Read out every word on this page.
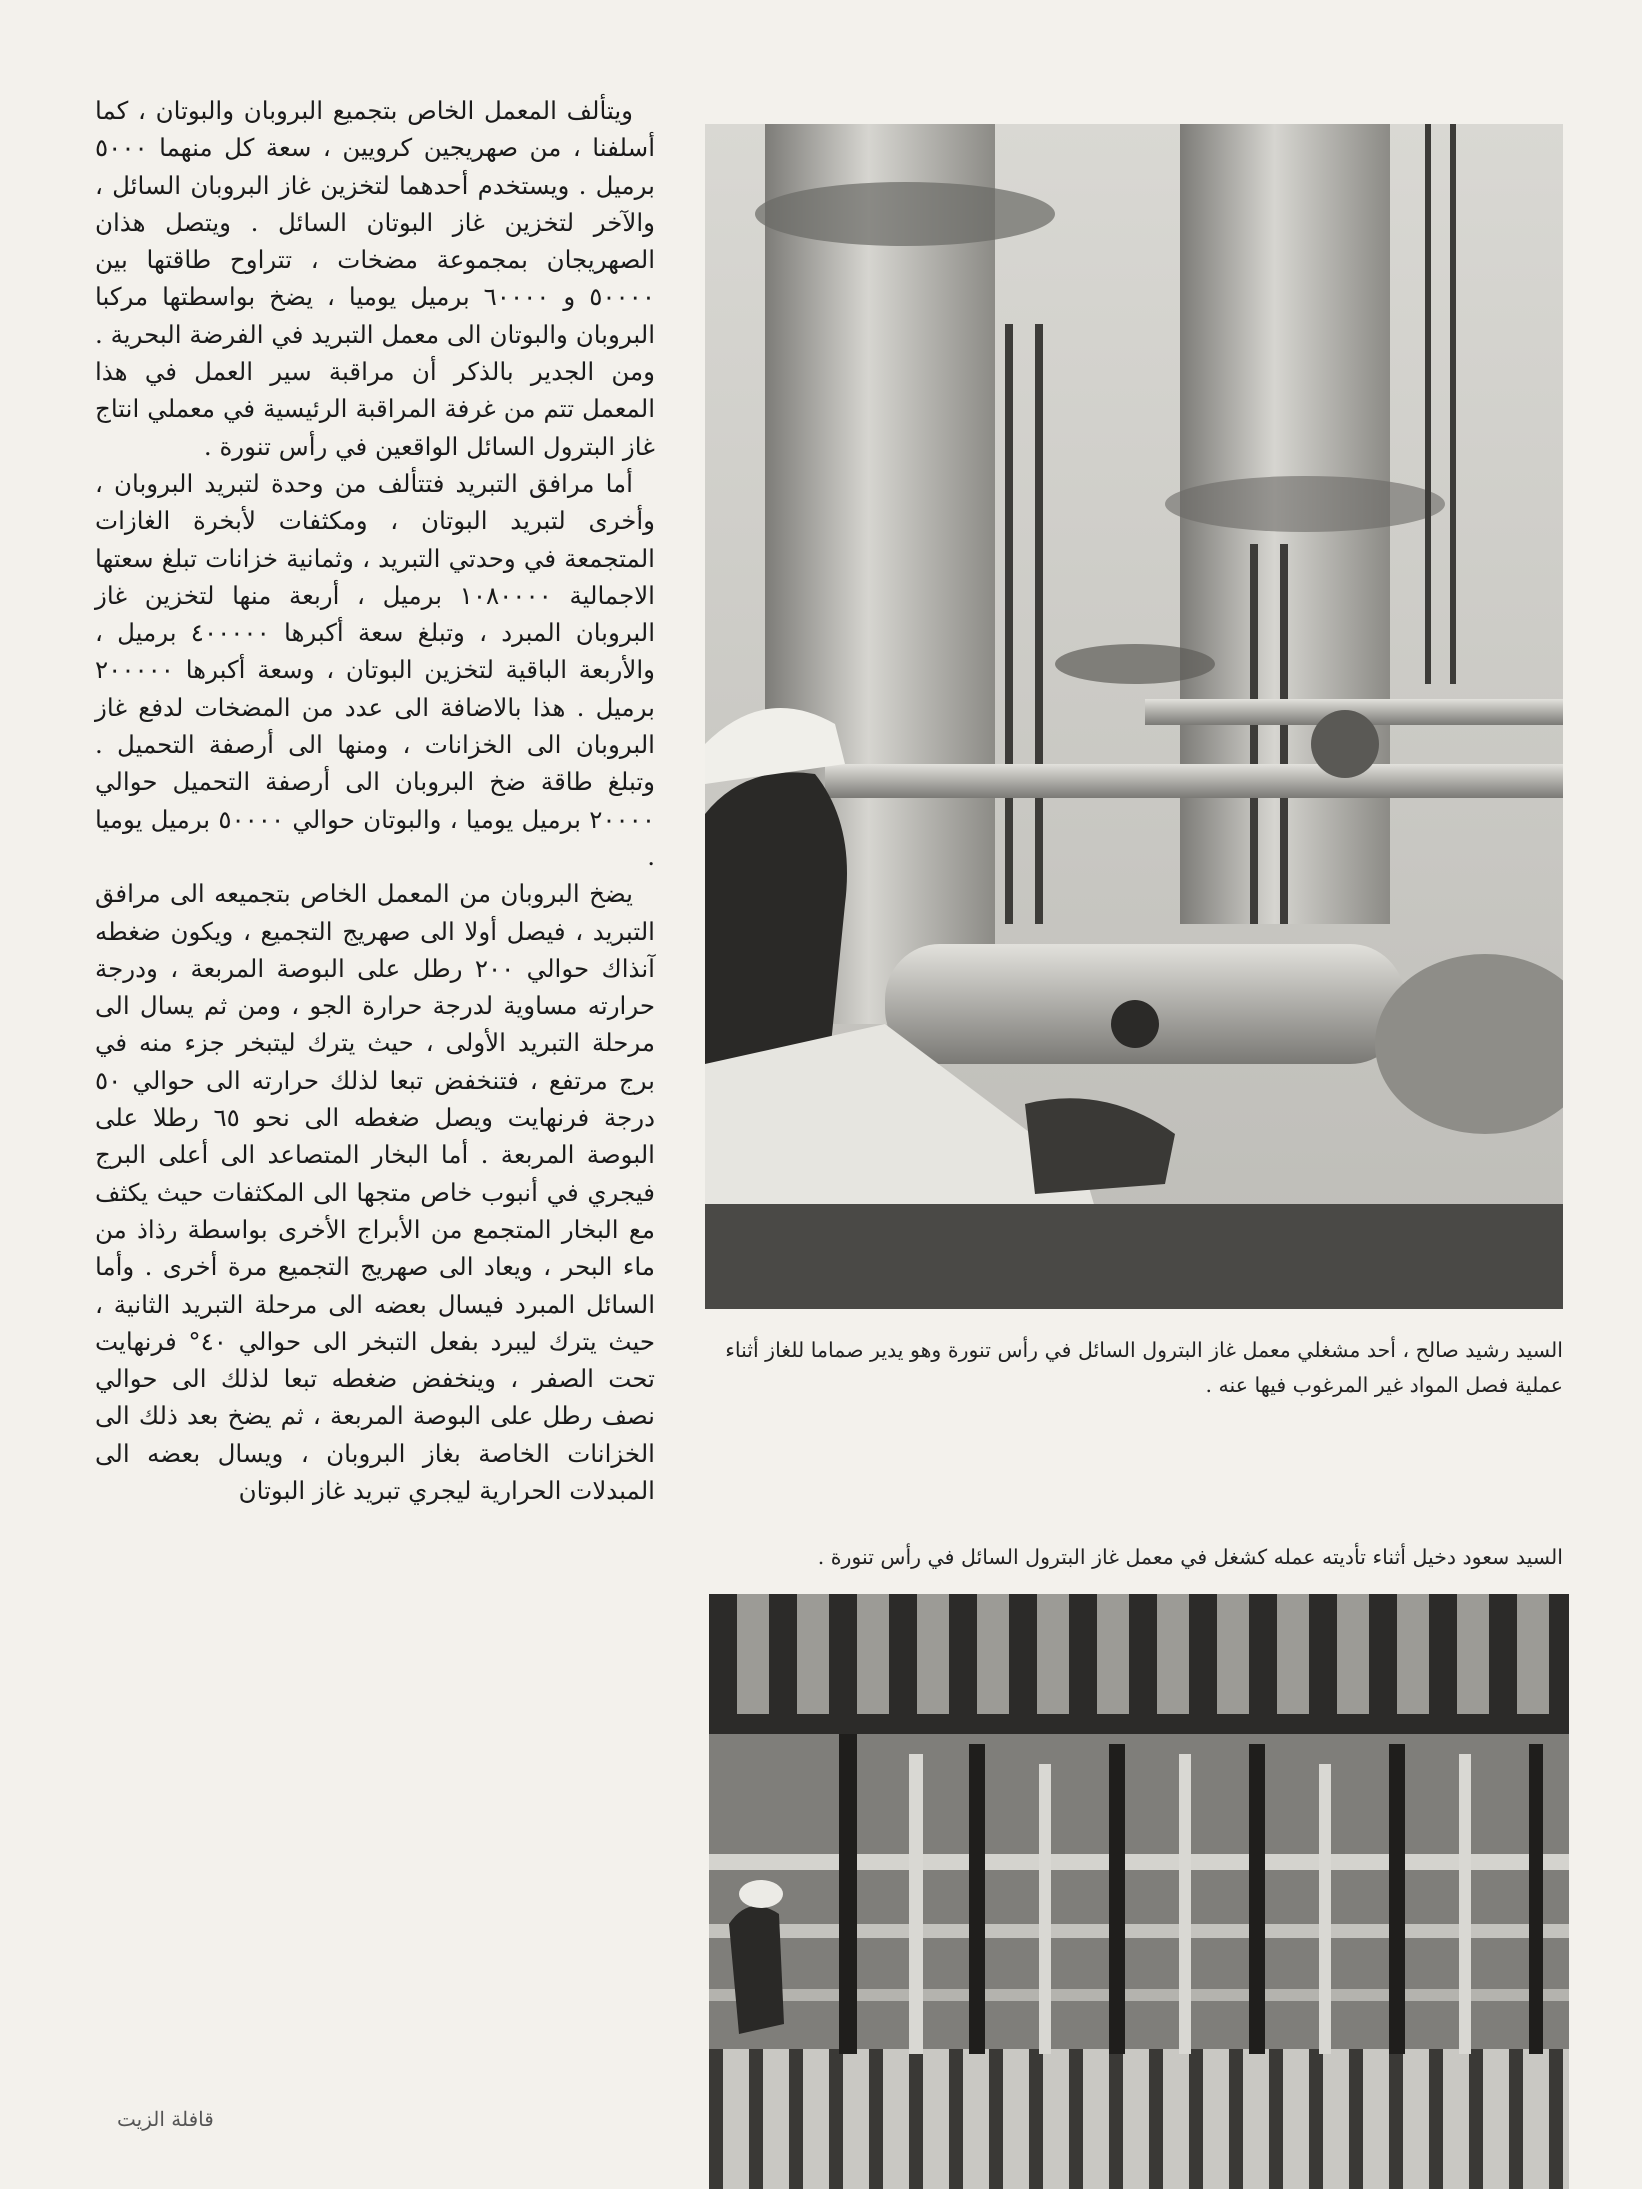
ويتألف المعمل الخاص بتجميع البروبان والبوتان ، كما أسلفنا ، من صهريجين كرويين ، سعة كل منهما ٥٠٠٠ برميل . ويستخدم أحدهما لتخزين غاز البروبان السائل ، والآخر لتخزين غاز البوتان السائل . ويتصل هذان الصهريجان بمجموعة مضخات ، تتراوح طاقتها بين ٥٠٠٠٠ و ٦٠٠٠٠ برميل يوميا ، يضخ بواسطتها مركبا البروبان والبوتان الى معمل التبريد في الفرضة البحرية . ومن الجدير بالذكر أن مراقبة سير العمل في هذا المعمل تتم من غرفة المراقبة الرئيسية في معملي انتاج غاز البترول السائل الواقعين في رأس تنورة .

أما مرافق التبريد فتتألف من وحدة لتبريد البروبان ، وأخرى لتبريد البوتان ، ومكثفات لأبخرة الغازات المتجمعة في وحدتي التبريد ، وثمانية خزانات تبلغ سعتها الاجمالية ١٠٨٠٠٠٠ برميل ، أربعة منها لتخزين غاز البروبان المبرد ، وتبلغ سعة أكبرها ٤٠٠٠٠٠ برميل ، والأربعة الباقية لتخزين البوتان ، وسعة أكبرها ٢٠٠٠٠٠ برميل . هذا بالاضافة الى عدد من المضخات لدفع غاز البروبان الى الخزانات ، ومنها الى أرصفة التحميل . وتبلغ طاقة ضخ البروبان الى أرصفة التحميل حوالي ٢٠٠٠٠ برميل يوميا ، والبوتان حوالي ٥٠٠٠٠ برميل يوميا .

يضخ البروبان من المعمل الخاص بتجميعه الى مرافق التبريد ، فيصل أولا الى صهريج التجميع ، ويكون ضغطه آنذاك حوالي ٢٠٠ رطل على البوصة المربعة ، ودرجة حرارته مساوية لدرجة حرارة الجو ، ومن ثم يسال الى مرحلة التبريد الأولى ، حيث يترك ليتبخر جزء منه في برج مرتفع ، فتنخفض تبعا لذلك حرارته الى حوالي ٥٠ درجة فرنهايت ويصل ضغطه الى نحو ٦٥ رطلا على البوصة المربعة . أما البخار المتصاعد الى أعلى البرج فيجري في أنبوب خاص متجها الى المكثفات حيث يكثف مع البخار المتجمع من الأبراج الأخرى بواسطة رذاذ من ماء البحر ، ويعاد الى صهريج التجميع مرة أخرى . وأما السائل المبرد فيسال بعضه الى مرحلة التبريد الثانية ، حيث يترك ليبرد بفعل التبخر الى حوالي ٤٠° فرنهايت تحت الصفر ، وينخفض ضغطه تبعا لذلك الى حوالي نصف رطل على البوصة المربعة ، ثم يضخ بعد ذلك الى الخزانات الخاصة بغاز البروبان ، ويسال بعضه الى المبدلات الحرارية ليجري تبريد غاز البوتان

السيد رشيد صالح ، أحد مشغلي معمل غاز البترول السائل في رأس تنورة وهو يدير صماما للغاز أثناء عملية فصل المواد غير المرغوب فيها عنه .
السيد سعود دخيل أثناء تأديته عمله كشغل في معمل غاز البترول السائل في رأس تنورة .
قافلة الزيت
